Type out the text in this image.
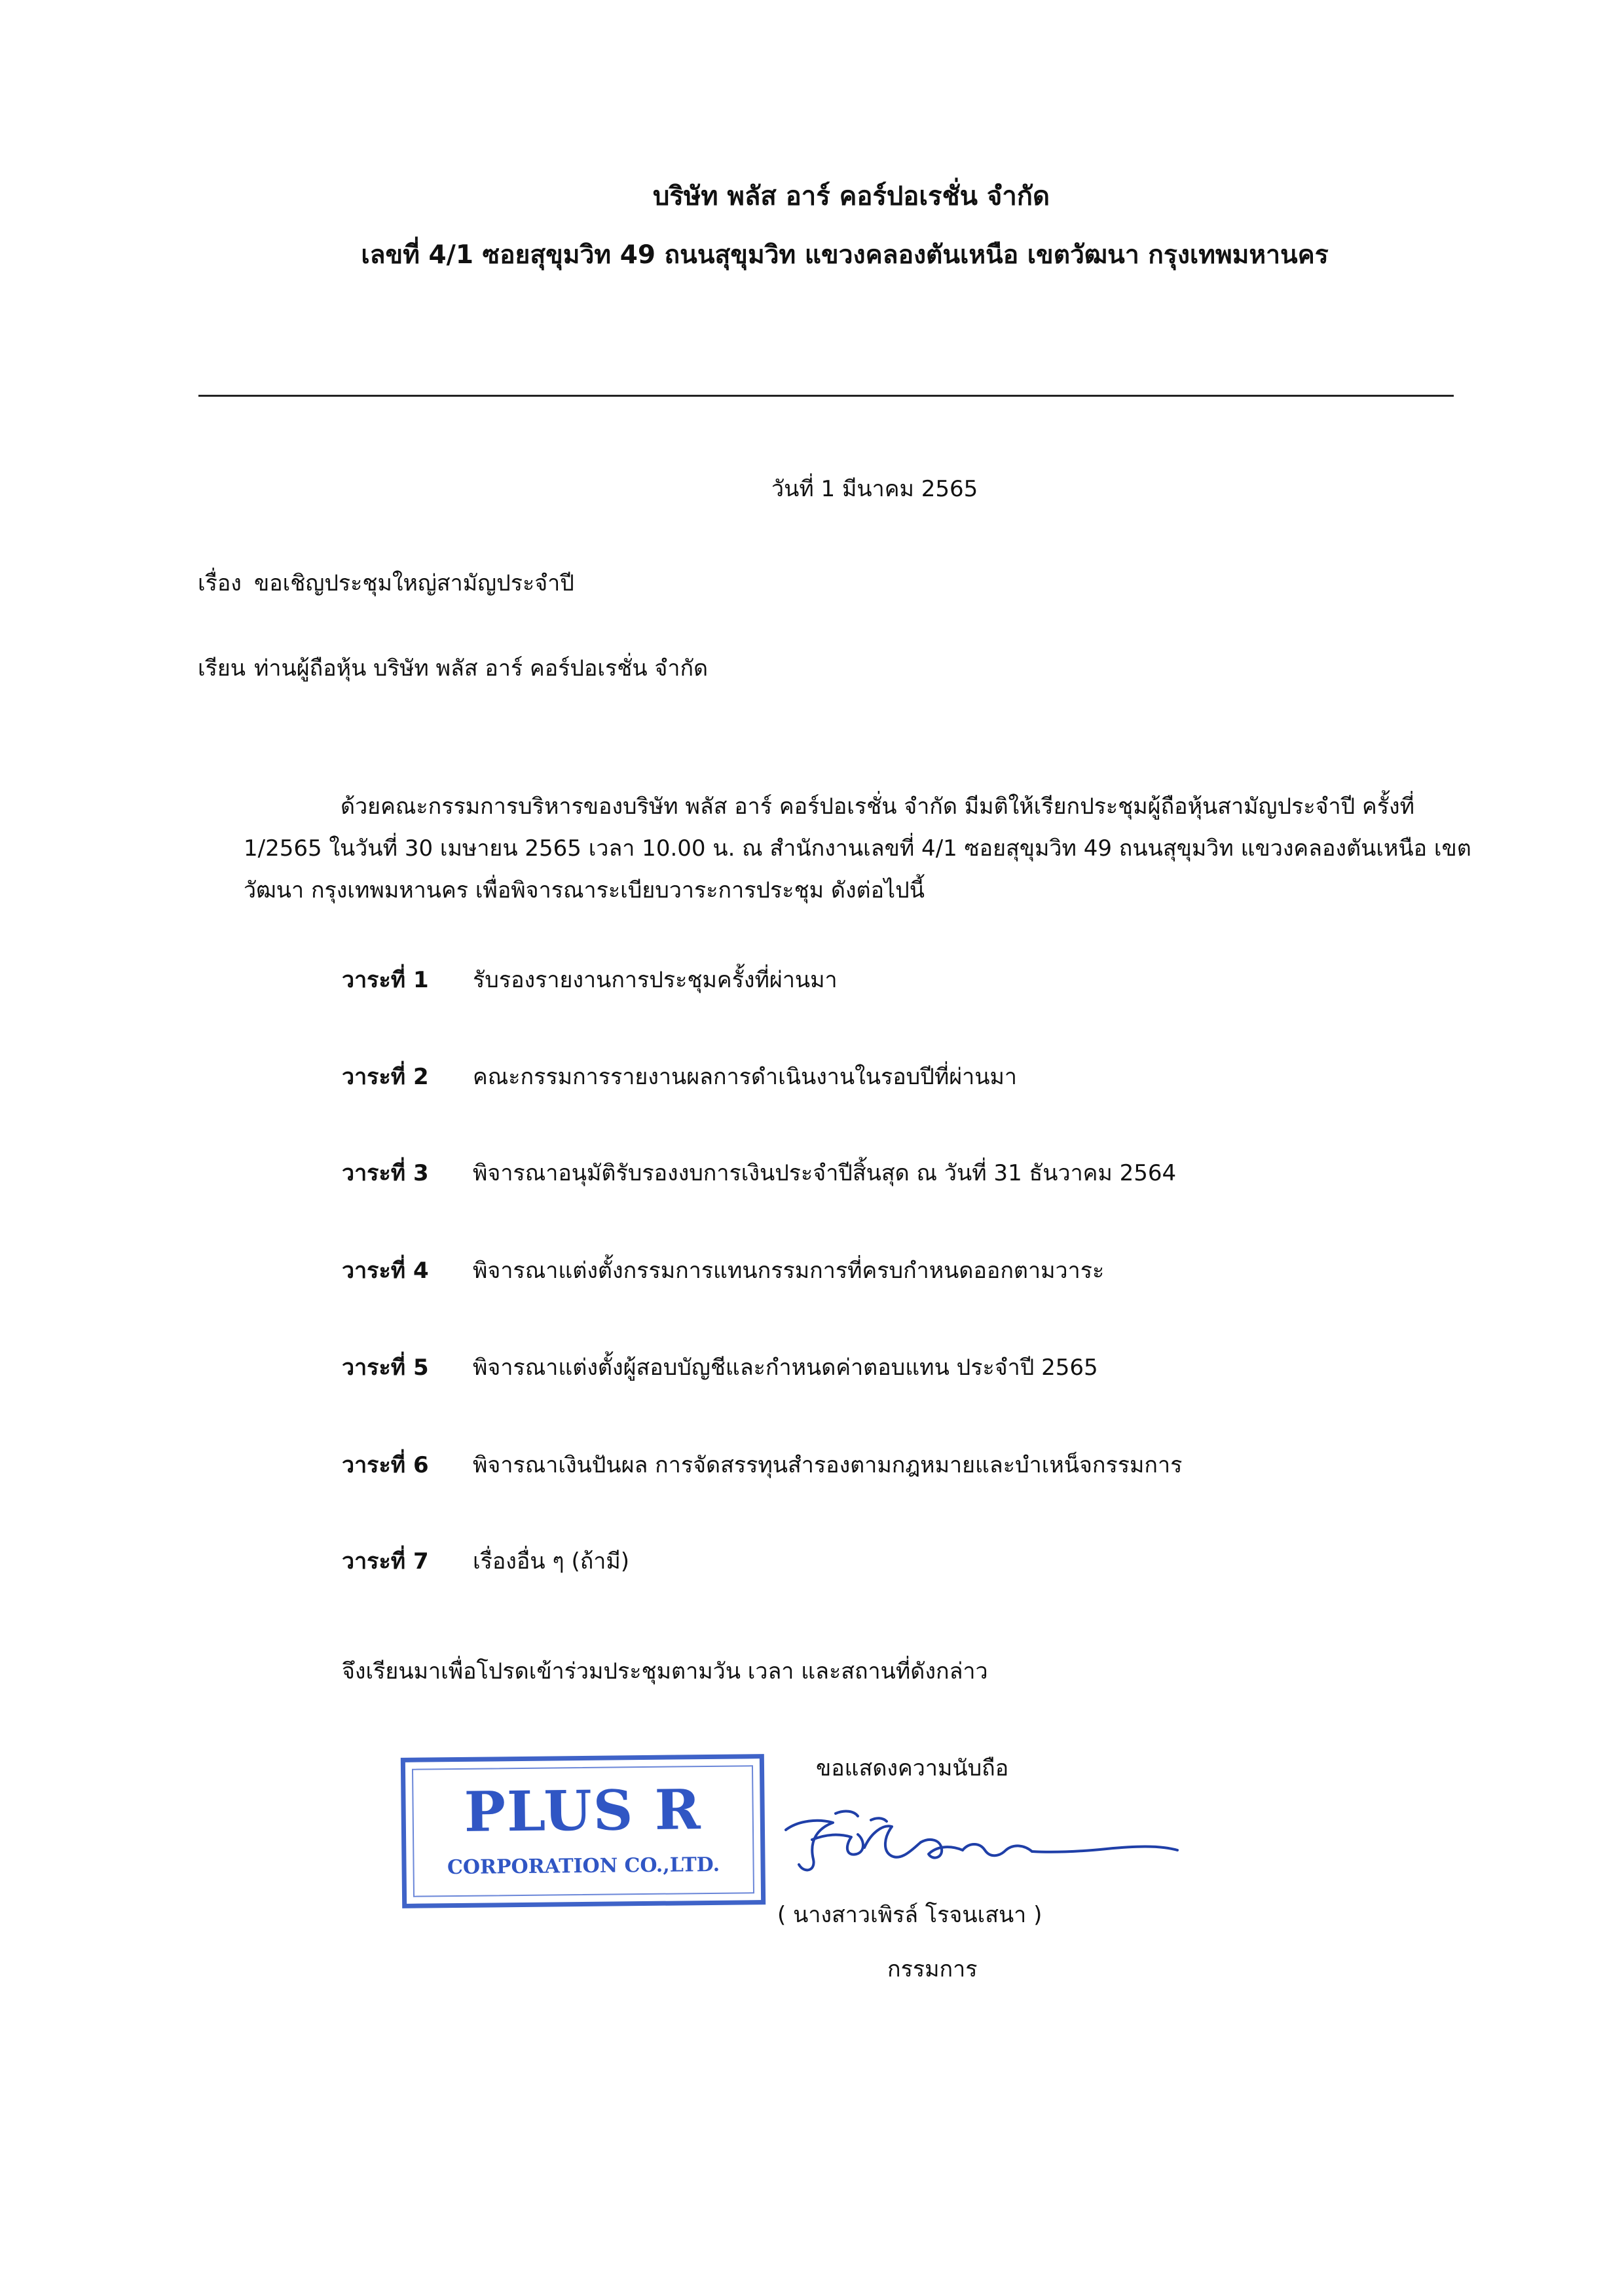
บริษัท พลัส อาร์ คอร์ปอเรชั่น จำกัด
เลขที่ 4/1 ซอยสุขุมวิท 49 ถนนสุขุมวิท แขวงคลองตันเหนือ เขตวัฒนา กรุงเทพมหานคร
วันที่ 1 มีนาคม 2565
เรื่อง ขอเชิญประชุมใหญ่สามัญประจำปี
เรียน ท่านผู้ถือหุ้น บริษัท พลัส อาร์ คอร์ปอเรชั่น จำกัด
ด้วยคณะกรรมการบริหารของบริษัท พลัส อาร์ คอร์ปอเรชั่น จำกัด มีมติให้เรียกประชุมผู้ถือหุ้นสามัญประจำปี ครั้งที่ 1/2565 ในวันที่ 30 เมษายน 2565 เวลา 10.00 น. ณ สำนักงานเลขที่ 4/1 ซอยสุขุมวิท 49 ถนนสุขุมวิท แขวงคลองตันเหนือ เขตวัฒนา กรุงเทพมหานคร เพื่อพิจารณาระเบียบวาระการประชุม ดังต่อไปนี้
วาระที่ 1 รับรองรายงานการประชุมครั้งที่ผ่านมา
วาระที่ 2 คณะกรรมการรายงานผลการดำเนินงานในรอบปีที่ผ่านมา
วาระที่ 3 พิจารณาอนุมัติรับรองงบการเงินประจำปีสิ้นสุด ณ วันที่ 31 ธันวาคม 2564
วาระที่ 4 พิจารณาแต่งตั้งกรรมการแทนกรรมการที่ครบกำหนดออกตามวาระ
วาระที่ 5 พิจารณาแต่งตั้งผู้สอบบัญชีและกำหนดค่าตอบแทน ประจำปี 2565
วาระที่ 6 พิจารณาเงินปันผล การจัดสรรทุนสำรองตามกฎหมายและบำเหน็จกรรมการ
วาระที่ 7 เรื่องอื่น ๆ (ถ้ามี)
จึงเรียนมาเพื่อโปรดเข้าร่วมประชุมตามวัน เวลา และสถานที่ดังกล่าว
ขอแสดงความนับถือ
PLUS R
CORPORATION CO.,LTD.
( นางสาวเพิรล์ โรจนเสนา )
กรรมการ
